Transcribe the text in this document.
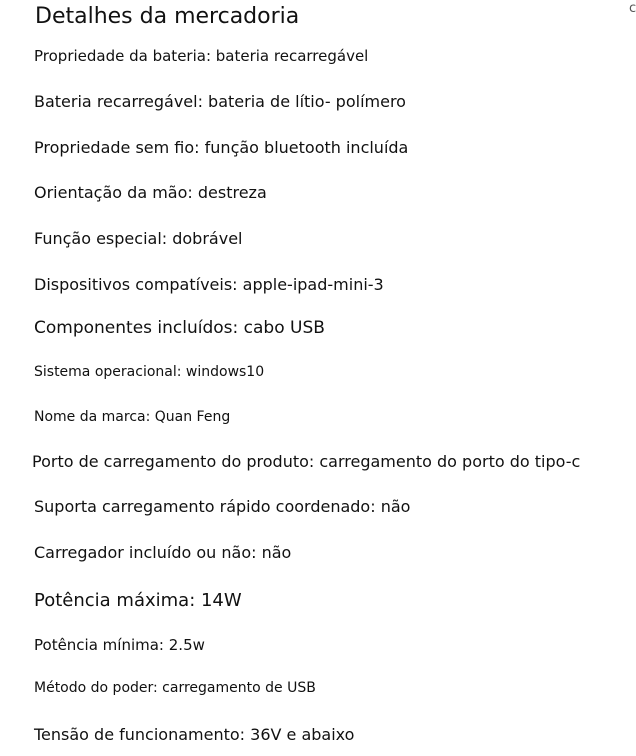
Detalhes da mercadoria	c
Propriedade da bateria: bateria recarregável
Bateria recarregável: bateria de lítio- polímero
Propriedade sem fio: função bluetooth incluída
Orientação da mão: destreza
Função especial: dobrável
Dispositivos compatíveis: apple-ipad-mini-3
Componentes incluídos: cabo USB
Sistema operacional: windows10
Nome da marca: Quan Feng
Porto de carregamento do produto: carregamento do porto do tipo-c
Suporta carregamento rápido coordenado: não
Carregador incluído ou não: não
Potência máxima: 14W
Potência mínima: 2.5w
Método do poder: carregamento de USB
Tensão de funcionamento: 36V e abaixo
